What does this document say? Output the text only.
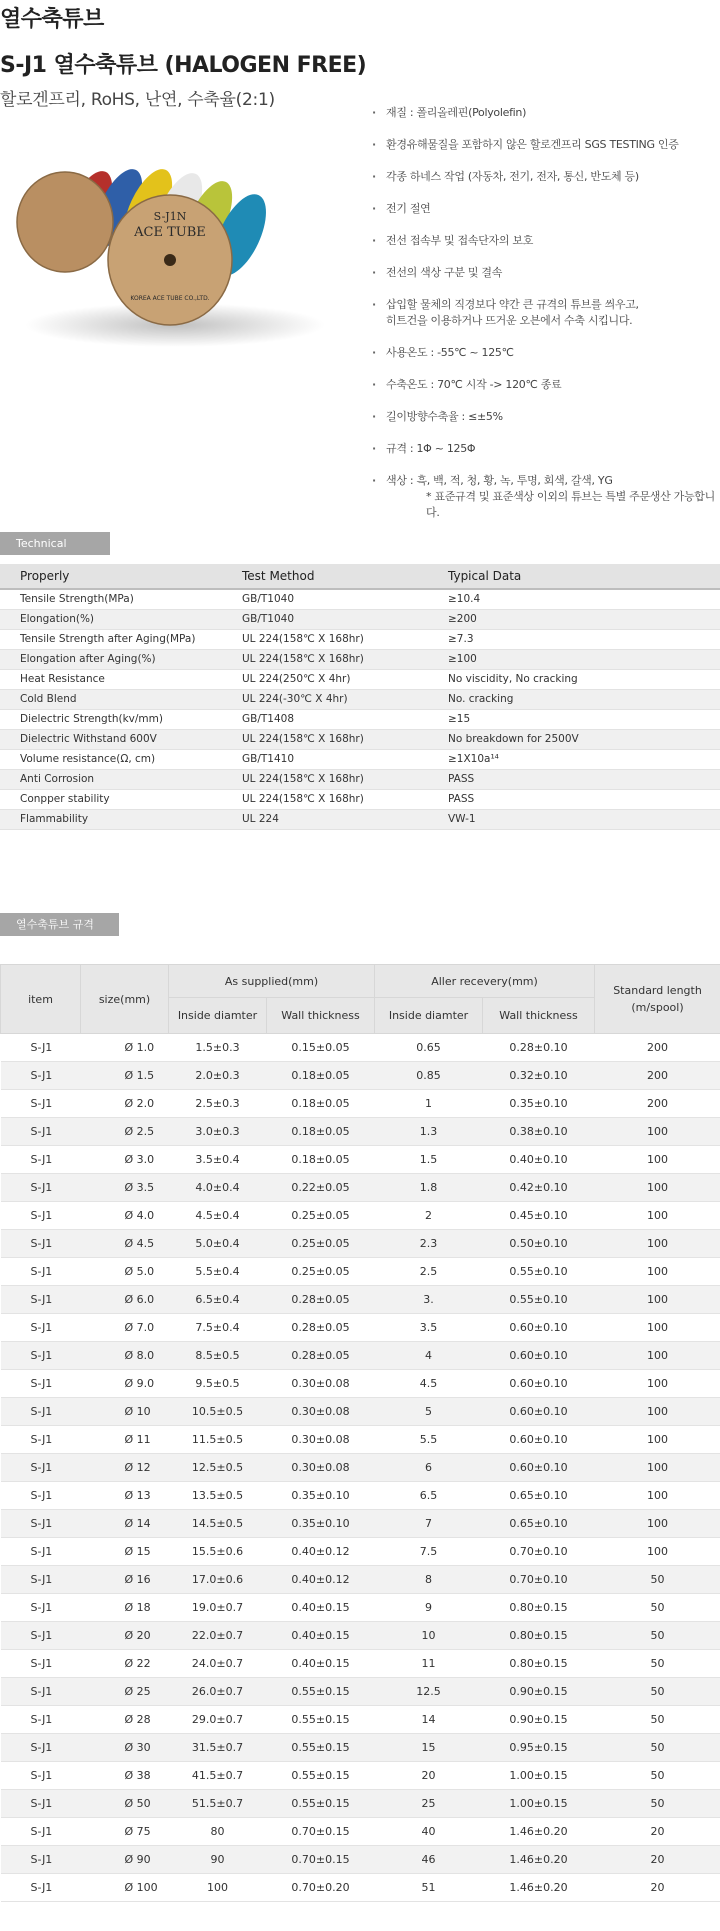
열수축튜브
S-J1 열수축튜브 (HALOGEN FREE)
할로겐프리, RoHS, 난연, 수축율(2:1)
S-J1N
ACE TUBE
KOREA ACE TUBE CO.,LTD.
· 재질 : 폴리올레핀(Polyolefin)
· 환경유해물질을 포함하지 않은 할로겐프리 SGS TESTING 인증
· 각종 하네스 작업 (자동차, 전기, 전자, 통신, 반도체 등)
· 전기 절연
· 전선 접속부 및 접속단자의 보호
· 전선의 색상 구분 및 결속
· 삽입할 물체의 직경보다 약간 큰 규격의 튜브를 씌우고,
히트건을 이용하거나 뜨거운 오븐에서 수축 시킵니다.
· 사용온도 : -55℃ ~ 125℃
· 수축온도 : 70℃ 시작 -> 120℃ 종료
· 길이방향수축율 : ≤±5%
· 규격 : 1Φ ~ 125Φ
· 색상 : 흑, 백, 적, 청, 황, 녹, 투명, 회색, 갈색, YG
* 표준규격 및 표준색상 이외의 튜브는 특별 주문생산 가능합니다.
Technical
Properly	Test Method	Typical Data
Tensile Strength(MPa)	GB/T1040	≥10.4
Elongation(%)	GB/T1040	≥200
Tensile Strength after Aging(MPa)	UL 224(158℃ X 168hr)	≥7.3
Elongation after Aging(%)	UL 224(158℃ X 168hr)	≥100
Heat Resistance	UL 224(250℃ X 4hr)	No viscidity, No cracking
Cold Blend	UL 224(-30℃ X 4hr)	No. cracking
Dielectric Strength(kv/mm)	GB/T1408	≥15
Dielectric Withstand 600V	UL 224(158℃ X 168hr)	No breakdown for 2500V
Volume resistance(Ω, cm)	GB/T1410	≥1X10a¹⁴
Anti Corrosion	UL 224(158℃ X 168hr)	PASS
Conpper stability	UL 224(158℃ X 168hr)	PASS
Flammability	UL 224	VW-1
열수축튜브 규격표
item	size(mm)	As supplied(mm)		Aller recevery(mm)		Standard length
(m/spool)
		Inside diamter	Wall thickness	Inside diamter	Wall thickness	
S-J1	Ø 1.0	1.5±0.3	0.15±0.05	0.65	0.28±0.10	200
S-J1	Ø 1.5	2.0±0.3	0.18±0.05	0.85	0.32±0.10	200
S-J1	Ø 2.0	2.5±0.3	0.18±0.05	1	0.35±0.10	200
S-J1	Ø 2.5	3.0±0.3	0.18±0.05	1.3	0.38±0.10	100
S-J1	Ø 3.0	3.5±0.4	0.18±0.05	1.5	0.40±0.10	100
S-J1	Ø 3.5	4.0±0.4	0.22±0.05	1.8	0.42±0.10	100
S-J1	Ø 4.0	4.5±0.4	0.25±0.05	2	0.45±0.10	100
S-J1	Ø 4.5	5.0±0.4	0.25±0.05	2.3	0.50±0.10	100
S-J1	Ø 5.0	5.5±0.4	0.25±0.05	2.5	0.55±0.10	100
S-J1	Ø 6.0	6.5±0.4	0.28±0.05	3.	0.55±0.10	100
S-J1	Ø 7.0	7.5±0.4	0.28±0.05	3.5	0.60±0.10	100
S-J1	Ø 8.0	8.5±0.5	0.28±0.05	4	0.60±0.10	100
S-J1	Ø 9.0	9.5±0.5	0.30±0.08	4.5	0.60±0.10	100
S-J1	Ø 10	10.5±0.5	0.30±0.08	5	0.60±0.10	100
S-J1	Ø 11	11.5±0.5	0.30±0.08	5.5	0.60±0.10	100
S-J1	Ø 12	12.5±0.5	0.30±0.08	6	0.60±0.10	100
S-J1	Ø 13	13.5±0.5	0.35±0.10	6.5	0.65±0.10	100
S-J1	Ø 14	14.5±0.5	0.35±0.10	7	0.65±0.10	100
S-J1	Ø 15	15.5±0.6	0.40±0.12	7.5	0.70±0.10	100
S-J1	Ø 16	17.0±0.6	0.40±0.12	8	0.70±0.10	50
S-J1	Ø 18	19.0±0.7	0.40±0.15	9	0.80±0.15	50
S-J1	Ø 20	22.0±0.7	0.40±0.15	10	0.80±0.15	50
S-J1	Ø 22	24.0±0.7	0.40±0.15	11	0.80±0.15	50
S-J1	Ø 25	26.0±0.7	0.55±0.15	12.5	0.90±0.15	50
S-J1	Ø 28	29.0±0.7	0.55±0.15	14	0.90±0.15	50
S-J1	Ø 30	31.5±0.7	0.55±0.15	15	0.95±0.15	50
S-J1	Ø 38	41.5±0.7	0.55±0.15	20	1.00±0.15	50
S-J1	Ø 50	51.5±0.7	0.55±0.15	25	1.00±0.15	50
S-J1	Ø 75	80	0.70±0.15	40	1.46±0.20	20
S-J1	Ø 90	90	0.70±0.15	46	1.46±0.20	20
S-J1	Ø 100	100	0.70±0.20	51	1.46±0.20	20
